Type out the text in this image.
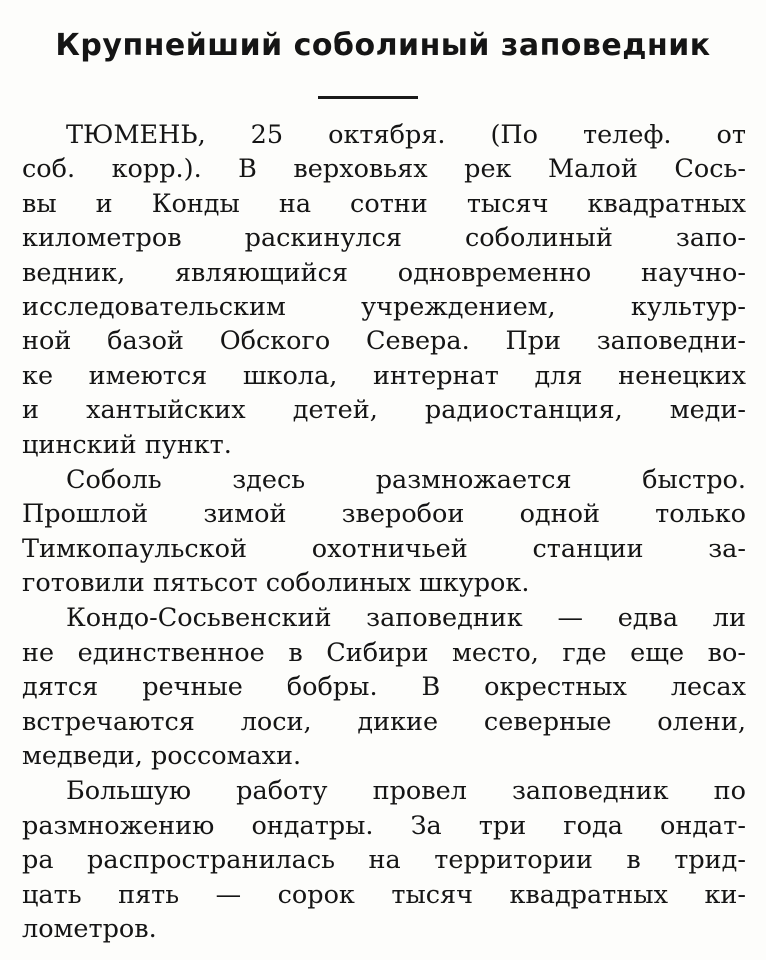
Крупнейший соболиный заповедник
ТЮМЕНЬ, 25 октября. (По телеф. от
соб. корр.). В верховьях рек Малой Сось-
вы и Конды на сотни тысяч квадратных
километров раскинулся соболиный запо-
ведник, являющийся одновременно научно-
исследовательским учреждением, культур-
ной базой Обского Севера. При заповедни-
ке имеются школа, интернат для ненецких
и хантыйских детей, радиостанция, меди-
цинский пункт.
Соболь здесь размножается быстро.
Прошлой зимой зверобои одной только
Тимкопаульской охотничьей станции за-
готовили пятьсот соболиных шкурок.
Кондо-Сосьвенский заповедник — едва ли
не единственное в Сибири место, где еще во-
дятся речные бобры. В окрестных лесах
встречаются лоси, дикие северные олени,
медведи, россомахи.
Большую работу провел заповедник по
размножению ондатры. За три года ондат-
ра распространилась на территории в трид-
цать пять — сорок тысяч квадратных ки-
лометров.
